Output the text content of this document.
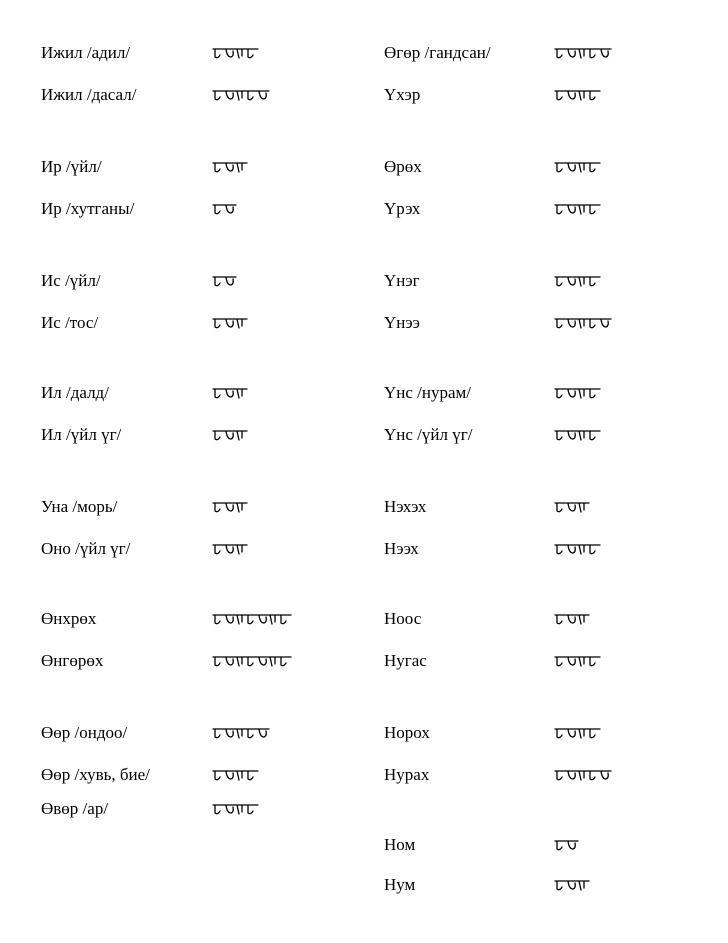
Ижил /адил/
Ижил /дасал/
Ир /үйл/
Ир /хутганы/
Ис /үйл/
Ис /тос/
Ил /далд/
Ил /үйл үг/
Уна /морь/
Оно /үйл үг/
Өнхрөх
Өнгөрөх
Өөр /ондоо/
Өөр /хувь, бие/
Өвөр /ар/
Өгөр /гандсан/
Үхэр
Өрөх
Үрэх
Үнэг
Үнээ
Үнс /нурам/
Үнс /үйл үг/
Нэхэх
Нээх
Ноос
Нугас
Норох
Нурах
Ном
Нум
